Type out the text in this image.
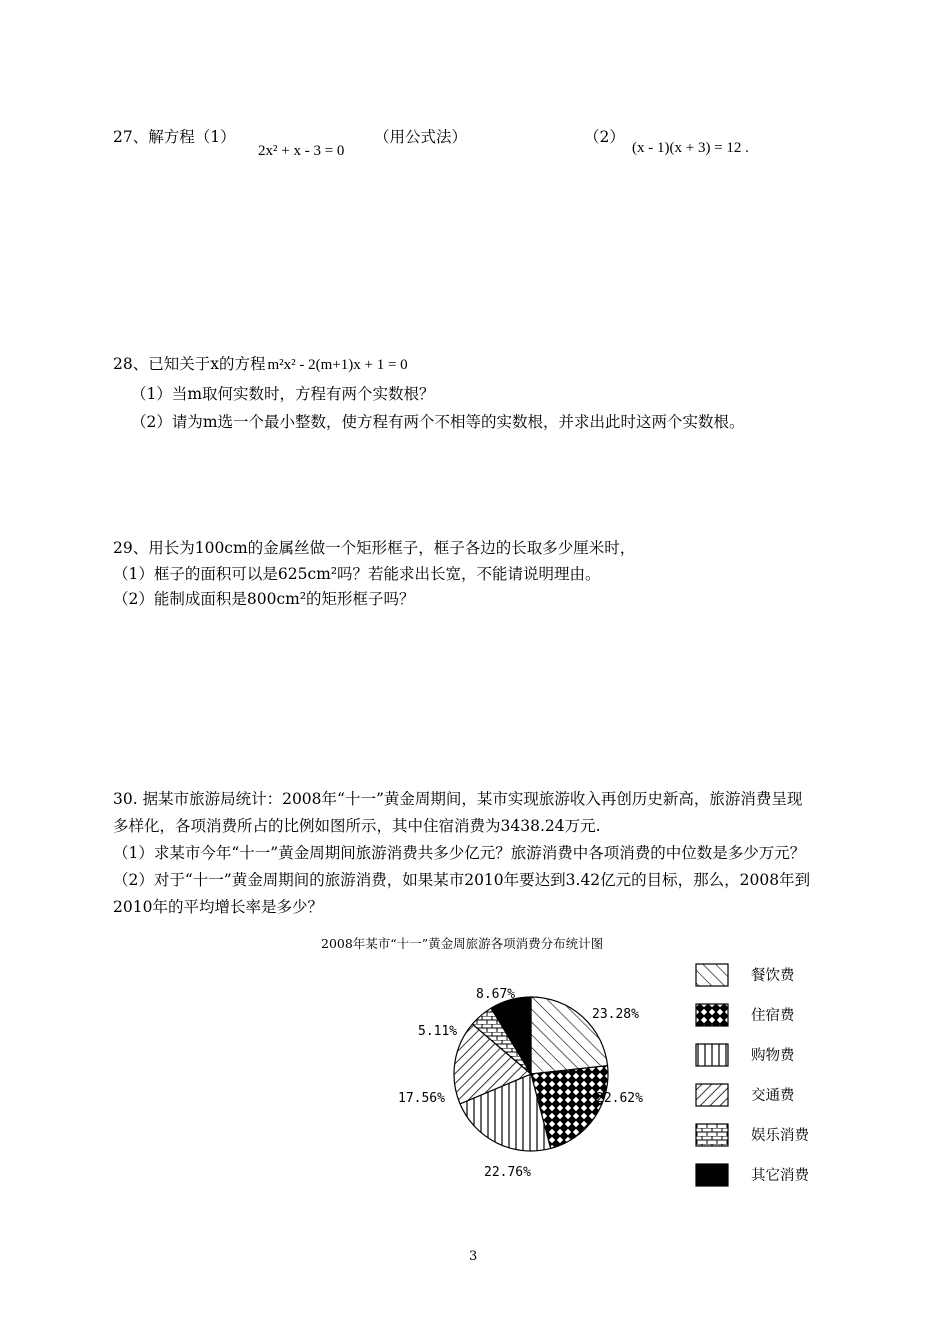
27、解方程（1）
2x² + x - 3 = 0
（用公式法）	（2）
(x - 1)(x + 3) = 12 .
28、已知关于x的方程 m²x² - 2(m+1)x + 1 = 0
（1）当m取何实数时，方程有两个实数根？
（2）请为m选一个最小整数，使方程有两个不相等的实数根，并求出此时这两个实数根。
29、用长为100cm的金属丝做一个矩形框子，框子各边的长取多少厘米时，
（1）框子的面积可以是625cm²吗？若能求出长宽，不能请说明理由。
（2）能制成面积是800cm²的矩形框子吗？
30. 据某市旅游局统计：2008年“十一”黄金周期间，某市实现旅游收入再创历史新高，旅游消费呈现
多样化，各项消费所占的比例如图所示，其中住宿消费为3438.24万元.
（1）求某市今年“十一”黄金周期间旅游消费共多少亿元？旅游消费中各项消费的中位数是多少万元？
（2）对于“十一”黄金周期间的旅游消费，如果某市2010年要达到3.42亿元的目标，那么，2008年到
2010年的平均增长率是多少？
2008年某市“十一”黄金周旅游各项消费分布统计图
23.28%
22.62%
22.76%
17.56%
5.11%
8.67%
餐饮费
住宿费
购物费
交通费
娱乐消费
其它消费
3
